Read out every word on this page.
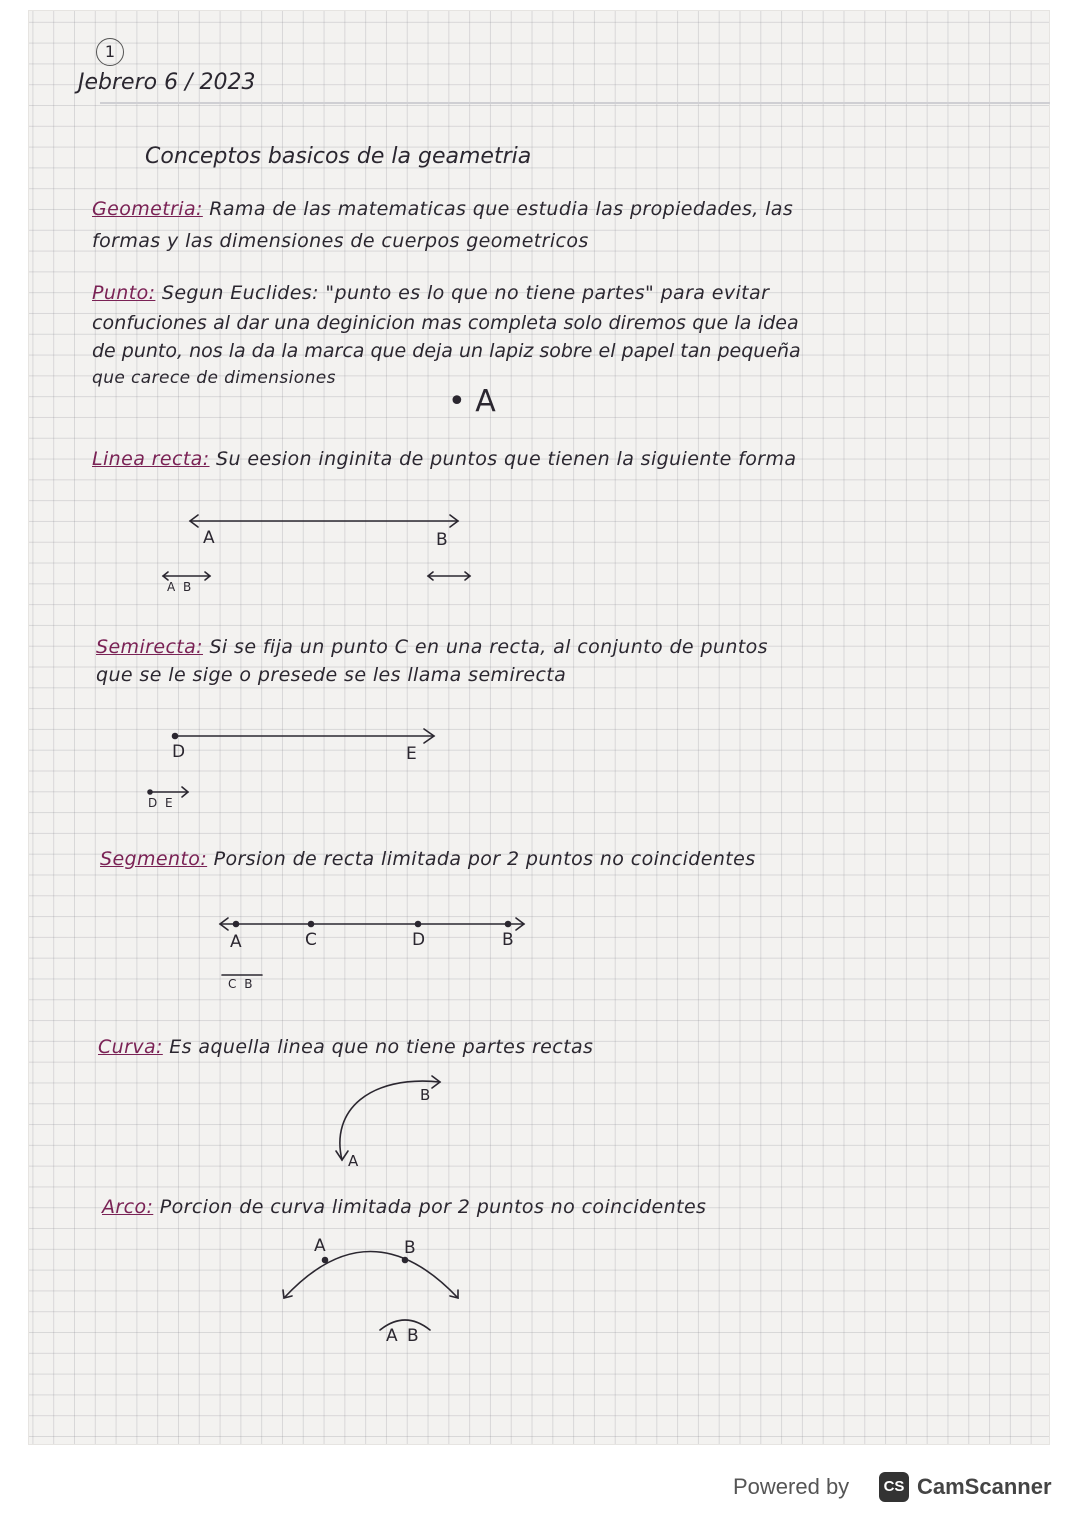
1
Jebrero 6 / 2023
Conceptos basicos de la geametria
Geometria: Rama de las matematicas que estudia las propiedades, las
formas y las dimensiones de cuerpos geometricos
Punto: Segun Euclides: "punto es lo que no tiene partes" para evitar
confuciones al dar una deginicion mas completa solo diremos que la idea
de punto, nos la da la marca que deja un lapiz sobre el papel tan pequeña
que carece de dimensiones
• A
Linea recta: Su eesion inginita de puntos que tienen la siguiente forma
Semirecta: Si se fija un punto C en una recta, al conjunto de puntos
que se le sige o presede se les llama semirecta
Segmento: Porsion de recta limitada por 2 puntos no coincidentes
Curva: Es aquella linea que no tiene partes rectas
Arco: Porcion de curva limitada por 2 puntos no coincidentes
A	B
A B
D	E
D E
A	C	D	B
C B
B
A
A	B
A B
Powered by	CS CamScanner
